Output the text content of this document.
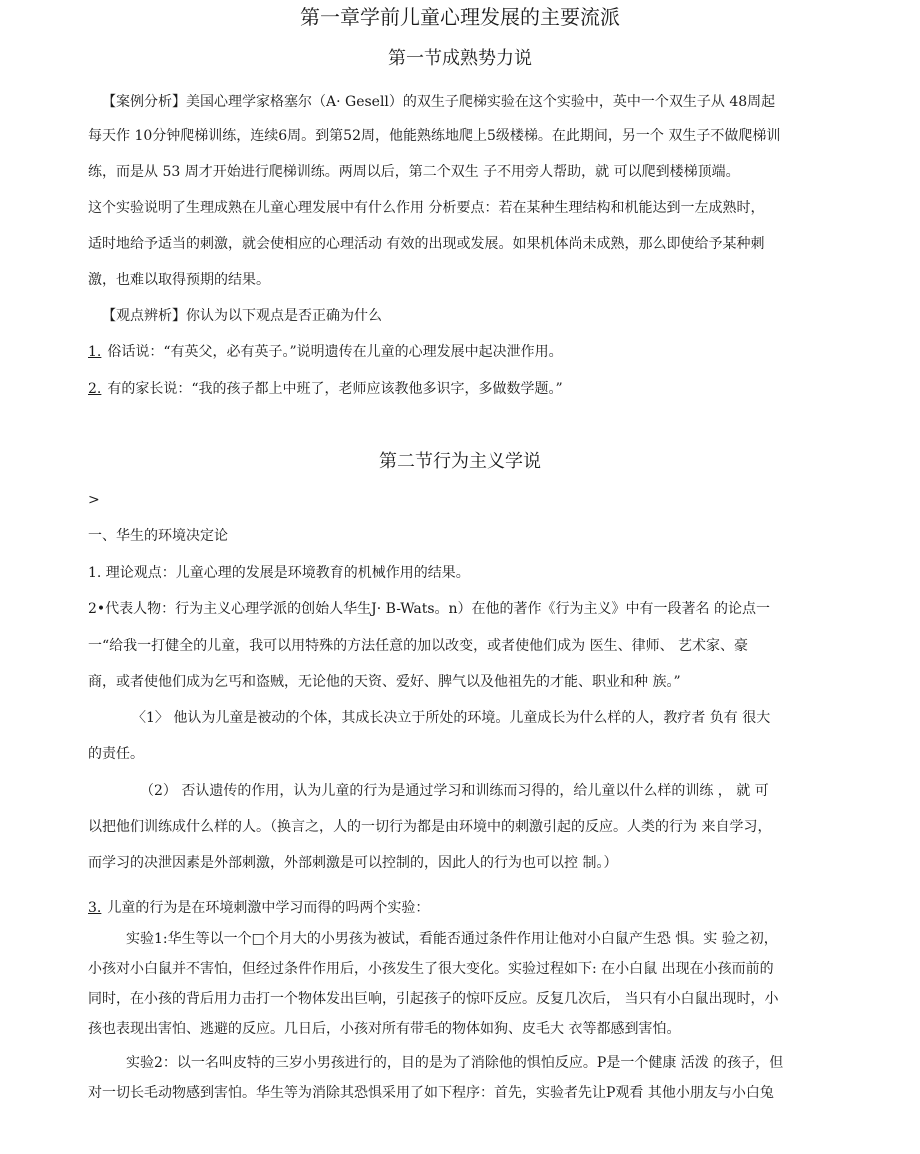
第一章学前儿童心理发展的主要流派
第一节成熟势力说
【案例分析】美国心理学家格塞尔（A· Gesell）的双生子爬梯实验在这个实验中，英中一个双生子从 48周起
每天作 10分钟爬梯训练，连续6周。到第52周，他能熟练地爬上5级楼梯。在此期间，另一个 双生子不做爬梯训
练，而是从 53 周才开始进行爬梯训练。两周以后，第二个双生 子不用旁人帮助，就 可以爬到楼梯顶端。
这个实验说明了生理成熟在儿童心理发展中有什么作用 分析要点：若在某种生理结构和机能达到一左成熟时，
适时地给予适当的刺激，就会使相应的心理活动 有效的出现或发展。如果机体尚未成熟，那么即使给予某种刺
激，也难以取得预期的结果。
【观点辨析】你认为以下观点是否正确为什么
1. 俗话说：“有英父，必有英子。”说明遗传在儿童的心理发展中起决泄作用。
2. 有的家长说：“我的孩子都上中班了，老师应该教他多识字，多做数学题。”
第二节行为主义学说
>
一、华生的环境决定论
1. 理论观点：儿童心理的发展是环境教育的机械作用的结果。
2•代表人物：行为主义心理学派的创始人华生J· B-Wats。n）在他的著作《行为主义》中有一段著名 的论点一
一“给我一打健全的儿童，我可以用特殊的方法任意的加以改变，或者使他们成为 医生、律师、 艺术家、豪
商，或者使他们成为乞丐和盗贼，无论他的天资、爱好、脾气以及他祖先的才能、职业和种 族。”
〈1〉 他认为儿童是被动的个体，其成长决立于所处的环境。儿童成长为什么样的人，教疗者 负有 很大
的责任。
（2） 否认遗传的作用，认为儿童的行为是通过学习和训练而习得的，给儿童以什么样的训练 ， 就 可
以把他们训练成什么样的人。（换言之，人的一切行为都是由环境中的刺激引起的反应。人类的行为 来自学习，
而学习的决泄因素是外部刺激，外部刺激是可以控制的，因此人的行为也可以控 制。）
3. 儿童的行为是在环境刺激中学习而得的吗两个实验：
实验1:华生等以一个□个月大的小男孩为被试，看能否通过条件作用让他对小白鼠产生恐 惧。实 验之初，
小孩对小白鼠并不害怕，但经过条件作用后，小孩发生了很大变化。实验过程如下: 在小白鼠 出现在小孩而前的
同时，在小孩的背后用力击打一个物体发出巨响，引起孩子的惊吓反应。反复几次后， 当只有小白鼠出现时，小
孩也表现出害怕、逃避的反应。几日后，小孩对所有带毛的物体如狗、皮毛大 衣等都感到害怕。
实验2：以一名叫皮特的三岁小男孩进行的，目的是为了消除他的惧怕反应。P是一个健康 活泼 的孩子，但
对一切长毛动物感到害怕。华生等为消除其恐惧采用了如下程序：首先，实验者先让P观看 其他小朋友与小白兔
